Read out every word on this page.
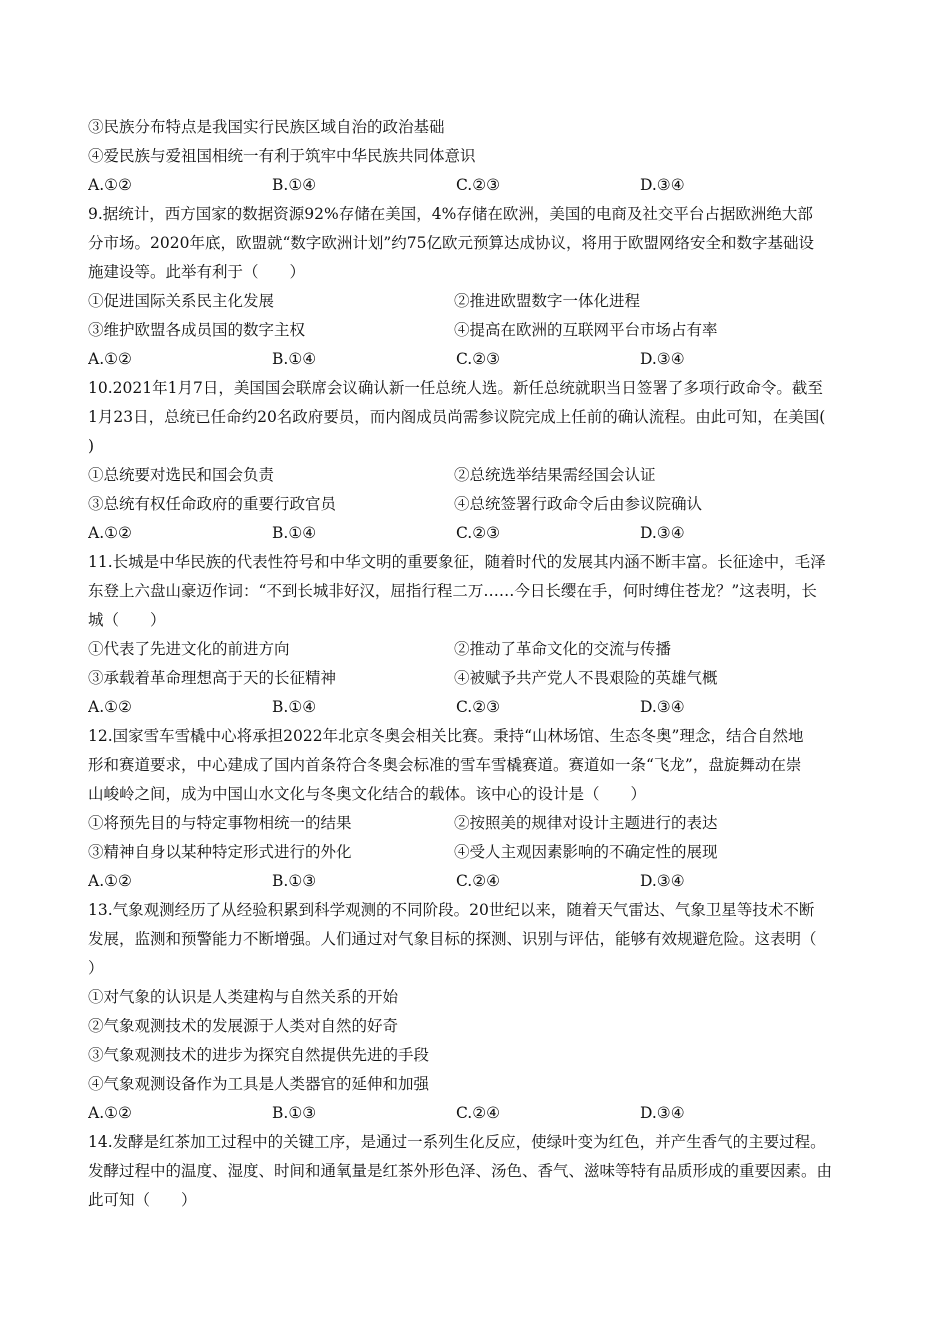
③民族分布特点是我国实行民族区域自治的政治基础
④爱民族与爱祖国相统一有利于筑牢中华民族共同体意识
A.①②	B.①④	C.②③	D.③④
9.据统计，西方国家的数据资源92%存储在美国，4%存储在欧洲，美国的电商及社交平台占据欧洲绝大部
分市场。2020年底，欧盟就“数字欧洲计划”约75亿欧元预算达成协议，将用于欧盟网络安全和数字基础设
施建设等。此举有利于（　　）
①促进国际关系民主化发展	②推进欧盟数字一体化进程
③维护欧盟各成员国的数字主权	④提高在欧洲的互联网平台市场占有率
A.①②	B.①④	C.②③	D.③④
10.2021年1月7日，美国国会联席会议确认新一任总统人选。新任总统就职当日签署了多项行政命令。截至
1月23日，总统已任命约20名政府要员，而内阁成员尚需参议院完成上任前的确认流程。由此可知，在美国(
)
①总统要对选民和国会负责	②总统选举结果需经国会认证
③总统有权任命政府的重要行政官员	④总统签署行政命令后由参议院确认
A.①②	B.①④	C.②③	D.③④
11.长城是中华民族的代表性符号和中华文明的重要象征，随着时代的发展其内涵不断丰富。长征途中，毛泽
东登上六盘山豪迈作词：“不到长城非好汉，屈指行程二万……今日长缨在手，何时缚住苍龙？”这表明，长
城（　　）
①代表了先进文化的前进方向	②推动了革命文化的交流与传播
③承载着革命理想高于天的长征精神	④被赋予共产党人不畏艰险的英雄气概
A.①②	B.①④	C.②③	D.③④
12.国家雪车雪橇中心将承担2022年北京冬奥会相关比赛。秉持“山林场馆、生态冬奥”理念，结合自然地
形和赛道要求，中心建成了国内首条符合冬奥会标准的雪车雪橇赛道。赛道如一条“飞龙”，盘旋舞动在崇
山峻岭之间，成为中国山水文化与冬奥文化结合的载体。该中心的设计是（　　）
①将预先目的与特定事物相统一的结果	②按照美的规律对设计主题进行的表达
③精神自身以某种特定形式进行的外化	④受人主观因素影响的不确定性的展现
A.①②	B.①③	C.②④	D.③④
13.气象观测经历了从经验积累到科学观测的不同阶段。20世纪以来，随着天气雷达、气象卫星等技术不断
发展，监测和预警能力不断增强。人们通过对气象目标的探测、识别与评估，能够有效规避危险。这表明（
）
①对气象的认识是人类建构与自然关系的开始
②气象观测技术的发展源于人类对自然的好奇
③气象观测技术的进步为探究自然提供先进的手段
④气象观测设备作为工具是人类器官的延伸和加强
A.①②	B.①③	C.②④	D.③④
14.发酵是红茶加工过程中的关键工序，是通过一系列生化反应，使绿叶变为红色，并产生香气的主要过程。
发酵过程中的温度、湿度、时间和通氧量是红茶外形色泽、汤色、香气、滋味等特有品质形成的重要因素。由
此可知（　　）
